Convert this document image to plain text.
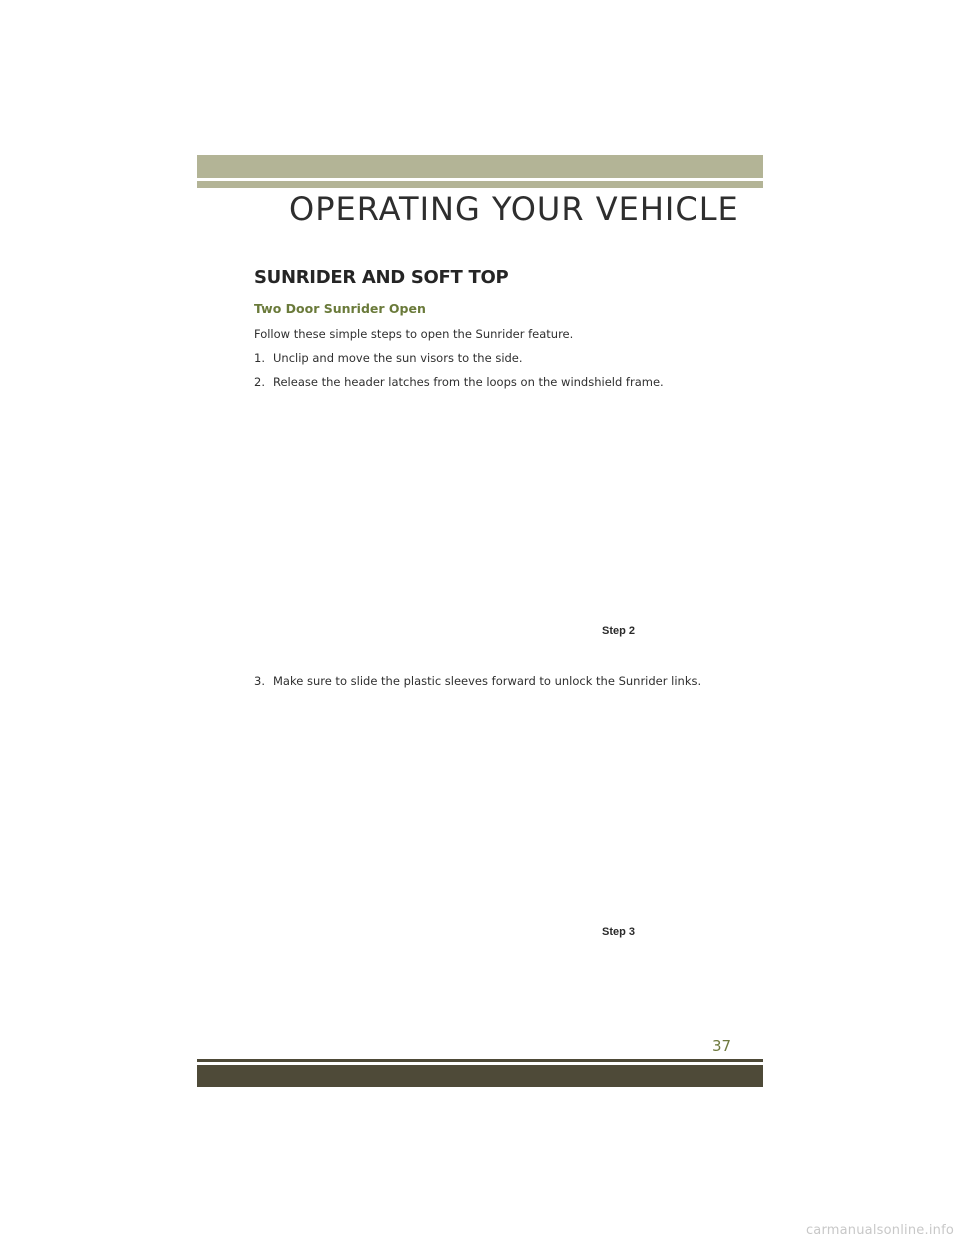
OPERATING YOUR VEHICLE
SUNRIDER AND SOFT TOP
Two Door Sunrider Open
Follow these simple steps to open the Sunrider feature.
1. Unclip and move the sun visors to the side.
2. Release the header latches from the loops on the windshield frame.
Step 2
3. Make sure to slide the plastic sleeves forward to unlock the Sunrider links.
Step 3
37
carmanualsonline.info
